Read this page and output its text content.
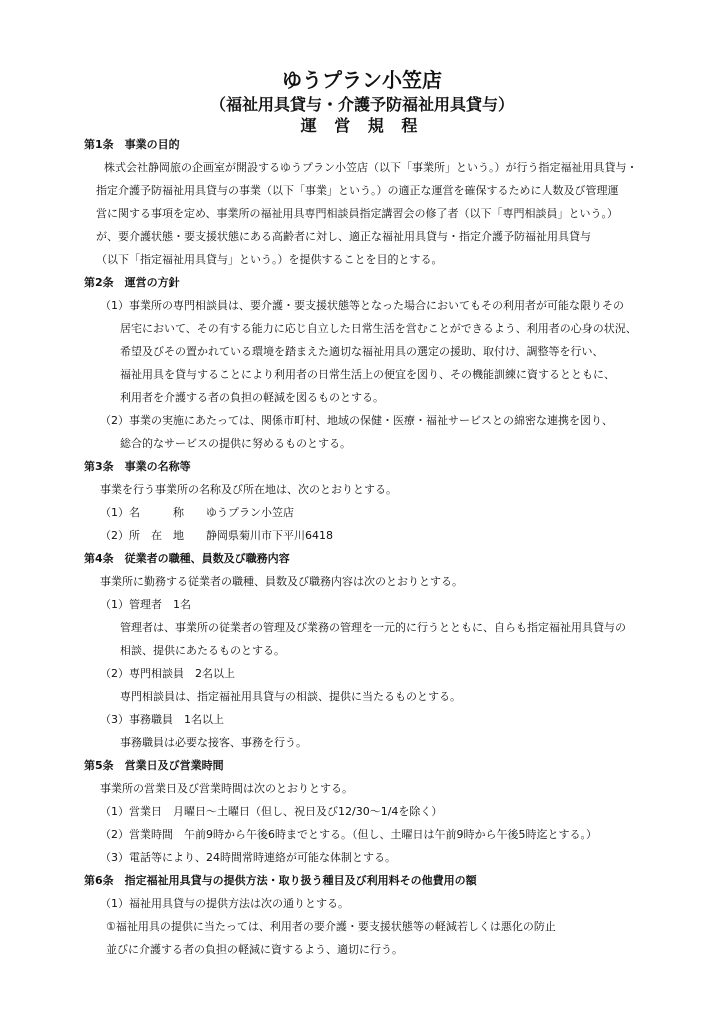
ゆうプラン小笠店
（福祉用具貸与・介護予防福祉用具貸与）
運 営 規 程
第1条　事業の目的
株式会社静岡旅の企画室が開設するゆうプラン小笠店（以下「事業所」という。）が行う指定福祉用具貸与・
指定介護予防福祉用具貸与の事業（以下「事業」という。）の適正な運営を確保するために人数及び管理運
営に関する事項を定め、事業所の福祉用具専門相談員指定講習会の修了者（以下「専門相談員」という。）
が、要介護状態・要支援状態にある高齢者に対し、適正な福祉用具貸与・指定介護予防福祉用具貸与
（以下「指定福祉用具貸与」という。）を提供することを目的とする。
第2条　運営の方針
（1）事業所の専門相談員は、要介護・要支援状態等となった場合においてもその利用者が可能な限りその
居宅において、その有する能力に応じ自立した日常生活を営むことができるよう、利用者の心身の状況、
希望及びその置かれている環境を踏まえた適切な福祉用具の選定の援助、取付け、調整等を行い、
福祉用具を貸与することにより利用者の日常生活上の便宜を図り、その機能訓練に資するとともに、
利用者を介護する者の負担の軽減を図るものとする。
（2）事業の実施にあたっては、関係市町村、地域の保健・医療・福祉サービスとの綿密な連携を図り、
総合的なサービスの提供に努めるものとする。
第3条　事業の名称等
事業を行う事業所の名称及び所在地は、次のとおりとする。
（1）名　　　称　　ゆうプラン小笠店
（2）所　在　地　　静岡県菊川市下平川6418
第4条　従業者の職種、員数及び職務内容
事業所に勤務する従業者の職種、員数及び職務内容は次のとおりとする。
（1）管理者　1名
管理者は、事業所の従業者の管理及び業務の管理を一元的に行うとともに、自らも指定福祉用具貸与の
相談、提供にあたるものとする。
（2）専門相談員　2名以上
専門相談員は、指定福祉用具貸与の相談、提供に当たるものとする。
（3）事務職員　1名以上
事務職員は必要な接客、事務を行う。
第5条　営業日及び営業時間
事業所の営業日及び営業時間は次のとおりとする。
（1）営業日　月曜日～土曜日（但し、祝日及び12/30～1/4を除く）
（2）営業時間　午前9時から午後6時までとする。（但し、土曜日は午前9時から午後5時迄とする。）
（3）電話等により、24時間常時連絡が可能な体制とする。
第6条　指定福祉用具貸与の提供方法・取り扱う種目及び利用料その他費用の額
（1）福祉用具貸与の提供方法は次の通りとする。
①福祉用具の提供に当たっては、利用者の要介護・要支援状態等の軽減若しくは悪化の防止
並びに介護する者の負担の軽減に資するよう、適切に行う。
